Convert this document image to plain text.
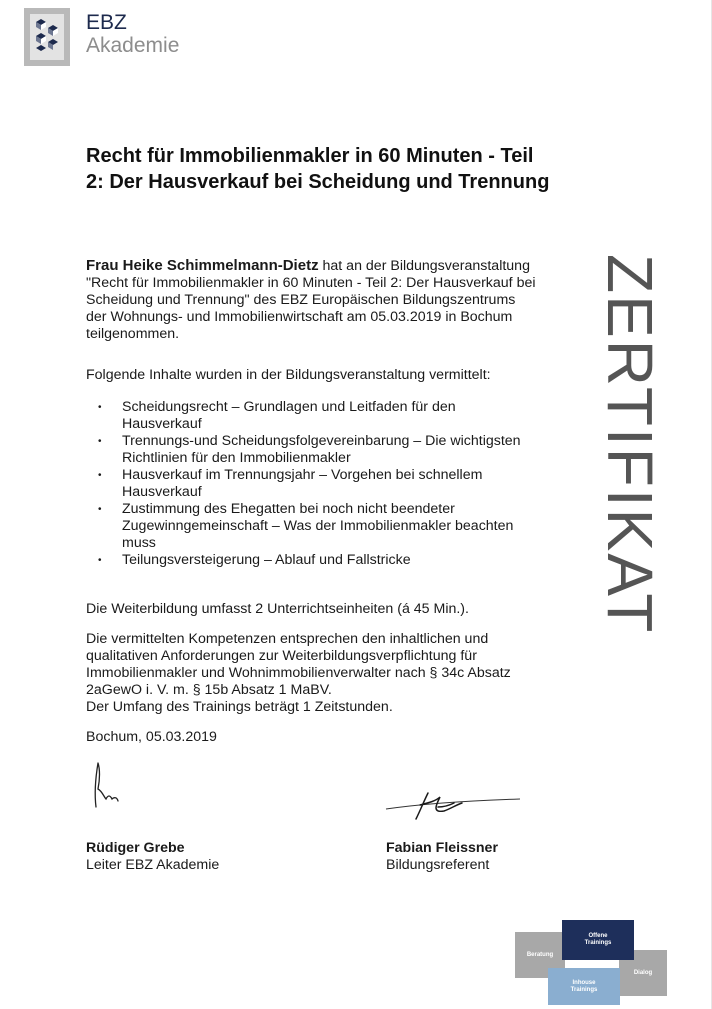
EBZ
Akademie
Recht für Immobilienmakler in 60 Minuten - Teil 2: Der Hausverkauf bei Scheidung und Trennung

Frau Heike Schimmelmann-Dietz hat an der Bildungsveranstaltung "Recht für Immobilienmakler in 60 Minuten - Teil 2: Der Hausverkauf bei Scheidung und Trennung" des EBZ Europäischen Bildungszentrums der Wohnungs- und Immobilienwirtschaft am 05.03.2019 in Bochum teilgenommen.

Folgende Inhalte wurden in der Bildungsveranstaltung vermittelt:

• Scheidungsrecht – Grundlagen und Leitfaden für den Hausverkauf
• Trennungs-und Scheidungsfolgevereinbarung – Die wichtigsten Richtlinien für den Immobilienmakler
• Hausverkauf im Trennungsjahr – Vorgehen bei schnellem Hausverkauf
• Zustimmung des Ehegatten bei noch nicht beendeter Zugewinngemeinschaft – Was der Immobilienmakler beachten muss
• Teilungsversteigerung – Ablauf und Fallstricke

Die Weiterbildung umfasst 2 Unterrichtseinheiten (á 45 Min.).

Die vermittelten Kompetenzen entsprechen den inhaltlichen und qualitativen Anforderungen zur Weiterbildungsverpflichtung für Immobilienmakler und Wohnimmobilienverwalter nach § 34c Absatz 2aGewO i. V. m. § 15b Absatz 1 MaBV.

Der Umfang des Trainings beträgt 1 Zeitstunden.

Bochum, 05.03.2019

Rüdiger Grebe
Leiter EBZ Akademie
Fabian Fleissner
Bildungsreferent
ZERTIFIKAT
Beratung
Dialog
Offene
Trainings
Inhouse
Trainings
